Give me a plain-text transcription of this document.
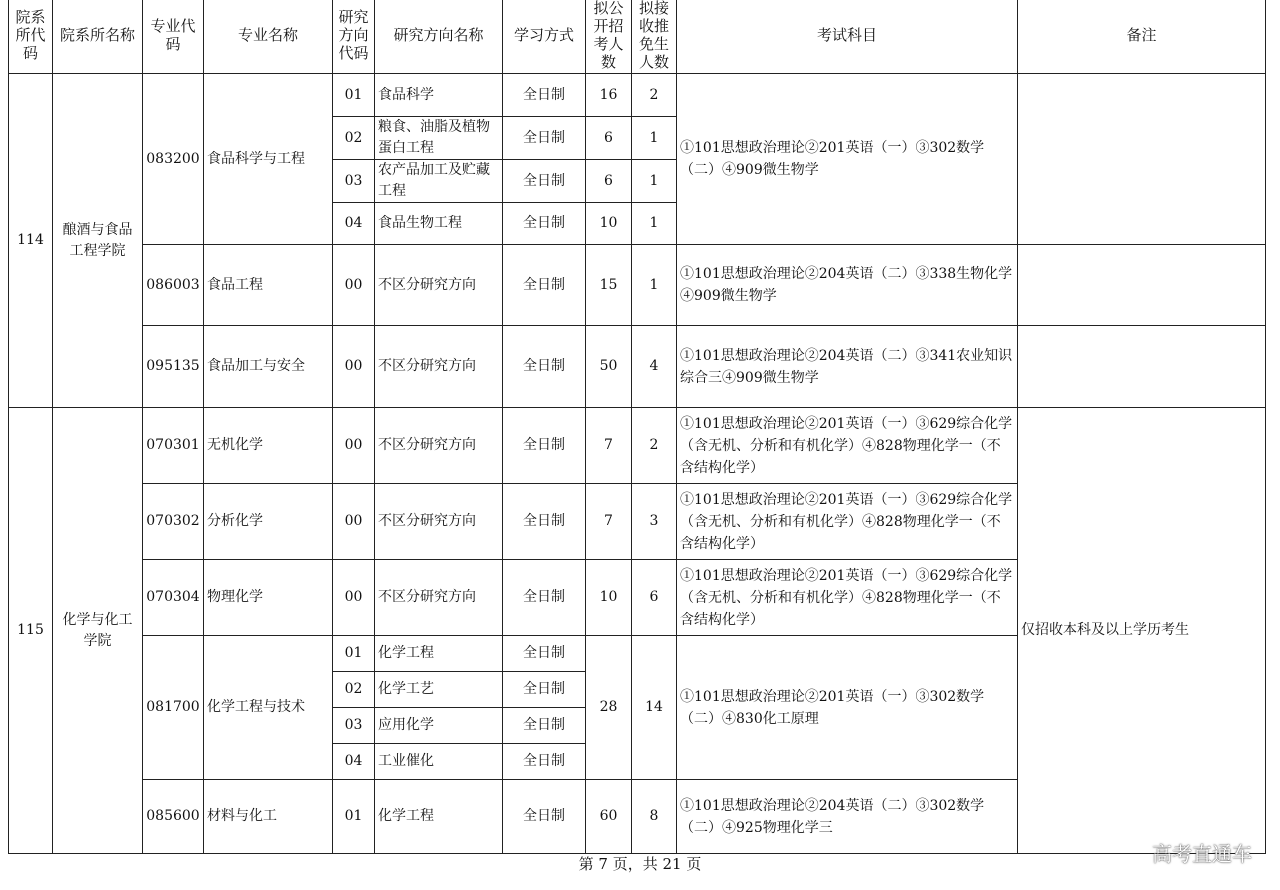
院系所代码	院系所名称	专业代码	专业名称	研究方向代码	研究方向名称	学习方式	拟公开招考人数	拟接收推免生人数	考试科目	备注
114	酿酒与食品工程学院	083200	食品科学与工程	01	食品科学	全日制	16	2	①101思想政治理论②201英语（一）③302数学（二）④909微生物学	
				02	粮食、油脂及植物蛋白工程	全日制	6	1		
				03	农产品加工及贮藏工程	全日制	6	1		
				04	食品生物工程	全日制	10	1		
		086003	食品工程	00	不区分研究方向	全日制	15	1	①101思想政治理论②204英语（二）③338生物化学④909微生物学	
		095135	食品加工与安全	00	不区分研究方向	全日制	50	4	①101思想政治理论②204英语（二）③341农业知识综合三④909微生物学	
115	化学与化工学院	070301	无机化学	00	不区分研究方向	全日制	7	2	①101思想政治理论②201英语（一）③629综合化学（含无机、分析和有机化学）④828物理化学一（不含结构化学）	仅招收本科及以上学历考生
		070302	分析化学	00	不区分研究方向	全日制	7	3	①101思想政治理论②201英语（一）③629综合化学（含无机、分析和有机化学）④828物理化学一（不含结构化学）	
		070304	物理化学	00	不区分研究方向	全日制	10	6	①101思想政治理论②201英语（一）③629综合化学（含无机、分析和有机化学）④828物理化学一（不含结构化学）	
		081700	化学工程与技术	01	化学工程	全日制	28	14	①101思想政治理论②201英语（一）③302数学（二）④830化工原理	
				02	化学工艺	全日制				
				03	应用化学	全日制				
				04	工业催化	全日制				
		085600	材料与化工	01	化学工程	全日制	60	8	①101思想政治理论②204英语（二）③302数学（二）④925物理化学三	
第 7 页，共 21 页	高考直通车
